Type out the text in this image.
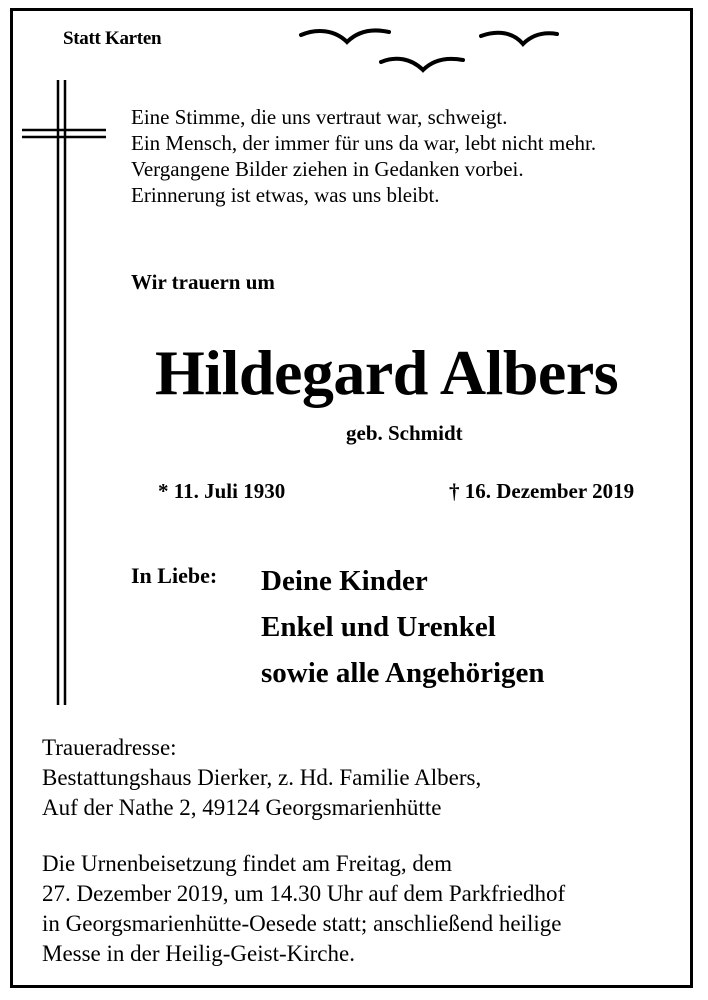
Statt Karten
Eine Stimme, die uns vertraut war, schweigt.
Ein Mensch, der immer für uns da war, lebt nicht mehr.
Vergangene Bilder ziehen in Gedanken vorbei.
Erinnerung ist etwas, was uns bleibt.
Wir trauern um
Hildegard Albers
geb. Schmidt
* 11. Juli 1930	† 16. Dezember 2019
In Liebe: Deine Kinder
Enkel und Urenkel
sowie alle Angehörigen
Traueradresse:
Bestattungshaus Dierker, z. Hd. Familie Albers,
Auf der Nathe 2, 49124 Georgsmarienhütte
Die Urnenbeisetzung findet am Freitag, dem
27. Dezember 2019, um 14.30 Uhr auf dem Parkfriedhof
in Georgsmarienhütte-Oesede statt; anschließend heilige
Messe in der Heilig-Geist-Kirche.
